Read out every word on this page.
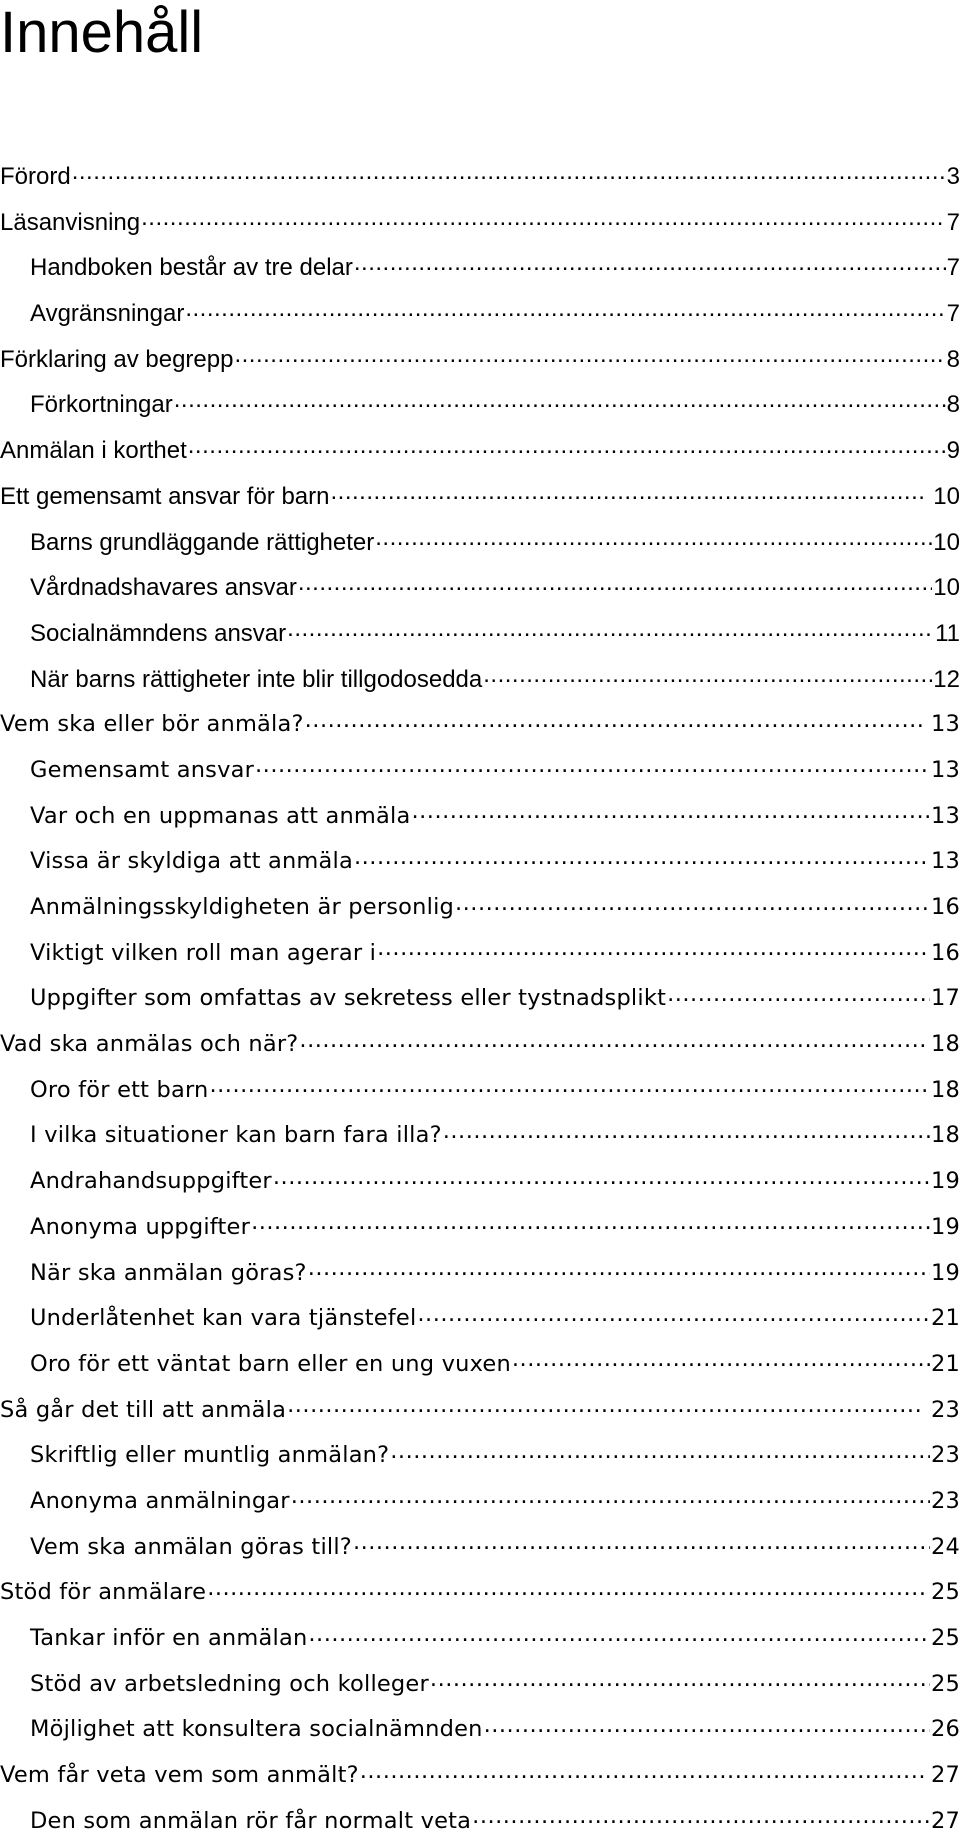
Innehåll
Förord .....	3
Läsanvisning .....	7
Handboken består av tre delar .....	7
Avgränsningar .....	7
Förklaring av begrepp .....	8
Förkortningar .....	8
Anmälan i korthet .....	9
Ett gemensamt ansvar för barn .....	10
Barns grundläggande rättigheter .....	10
Vårdnadshavares ansvar .....	10
Socialnämndens ansvar .....	11
När barns rättigheter inte blir tillgodosedda .....	12
Vem ska eller bör anmäla? .....	13
Gemensamt ansvar .....	13
Var och en uppmanas att anmäla .....	13
Vissa är skyldiga att anmäla .....	13
Anmälningsskyldigheten är personlig .....	16
Viktigt vilken roll man agerar i .....	16
Uppgifter som omfattas av sekretess eller tystnadsplikt .....	17
Vad ska anmälas och när? .....	18
Oro för ett barn .....	18
I vilka situationer kan barn fara illa? .....	18
Andrahandsuppgifter .....	19
Anonyma uppgifter .....	19
När ska anmälan göras? .....	19
Underlåtenhet kan vara tjänstefel .....	21
Oro för ett väntat barn eller en ung vuxen .....	21
Så går det till att anmäla .....	23
Skriftlig eller muntlig anmälan? .....	23
Anonyma anmälningar .....	23
Vem ska anmälan göras till? .....	24
Stöd för anmälare .....	25
Tankar inför en anmälan .....	25
Stöd av arbetsledning och kolleger .....	25
Möjlighet att konsultera socialnämnden .....	26
Vem får veta vem som anmält? .....	27
Den som anmälan rör får normalt veta .....	27
